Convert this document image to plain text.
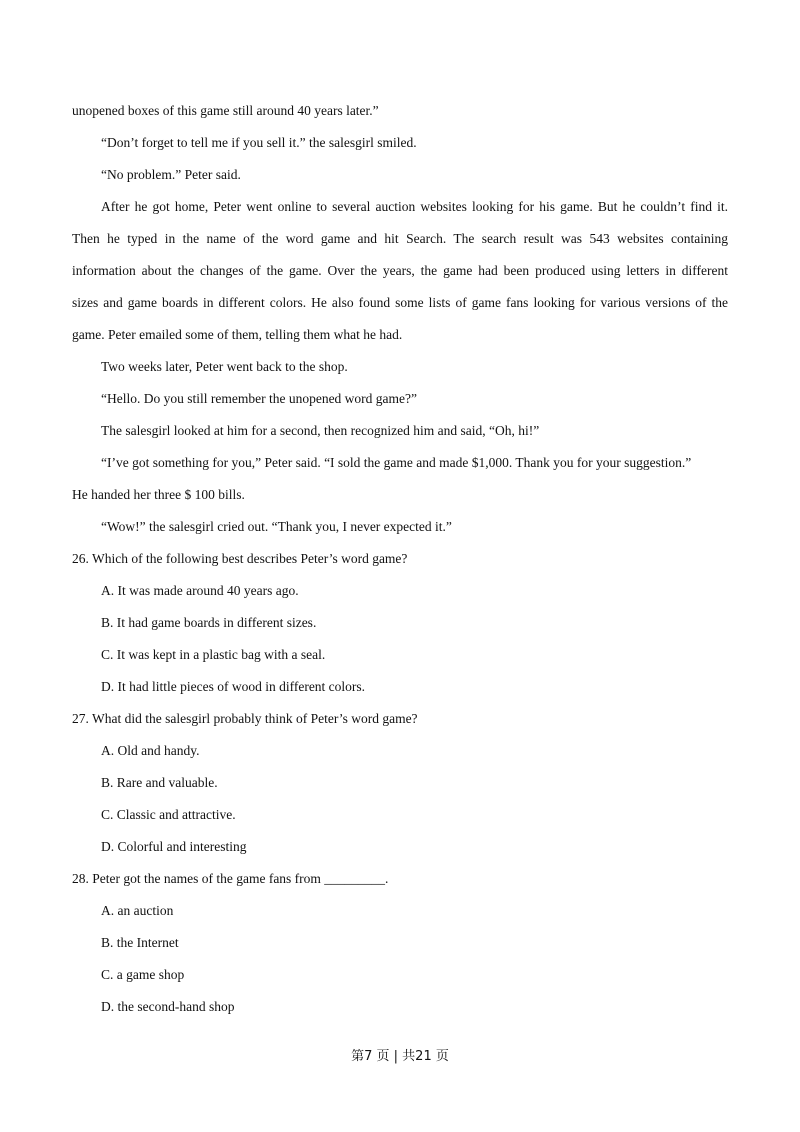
unopened boxes of this game still around 40 years later.”
“Don’t forget to tell me if you sell it.” the salesgirl smiled.
“No problem.” Peter said.
After he got home, Peter went online to several auction websites looking for his game. But he couldn’t find it.
Then he typed in the name of the word game and hit Search. The search result was 543 websites containing
information about the changes of the game. Over the years, the game had been produced using letters in different
sizes and game boards in different colors. He also found some lists of game fans looking for various versions of the
game. Peter emailed some of them, telling them what he had.
Two weeks later, Peter went back to the shop.
“Hello. Do you still remember the unopened word game?”
The salesgirl looked at him for a second, then recognized him and said, “Oh, hi!”
“I’ve got something for you,” Peter said. “I sold the game and made $1,000. Thank you for your suggestion.”
He handed her three $ 100 bills.
“Wow!” the salesgirl cried out. “Thank you, I never expected it.”
26. Which of the following best describes Peter’s word game?
A. It was made around 40 years ago.
B. It had game boards in different sizes.
C. It was kept in a plastic bag with a seal.
D. It had little pieces of wood in different colors.
27. What did the salesgirl probably think of Peter’s word game?
A. Old and handy.
B. Rare and valuable.
C. Classic and attractive.
D. Colorful and interesting
28. Peter got the names of the game fans from _________.
A. an auction
B. the Internet
C. a game shop
D. the second-hand shop
第7 页 | 共21 页
